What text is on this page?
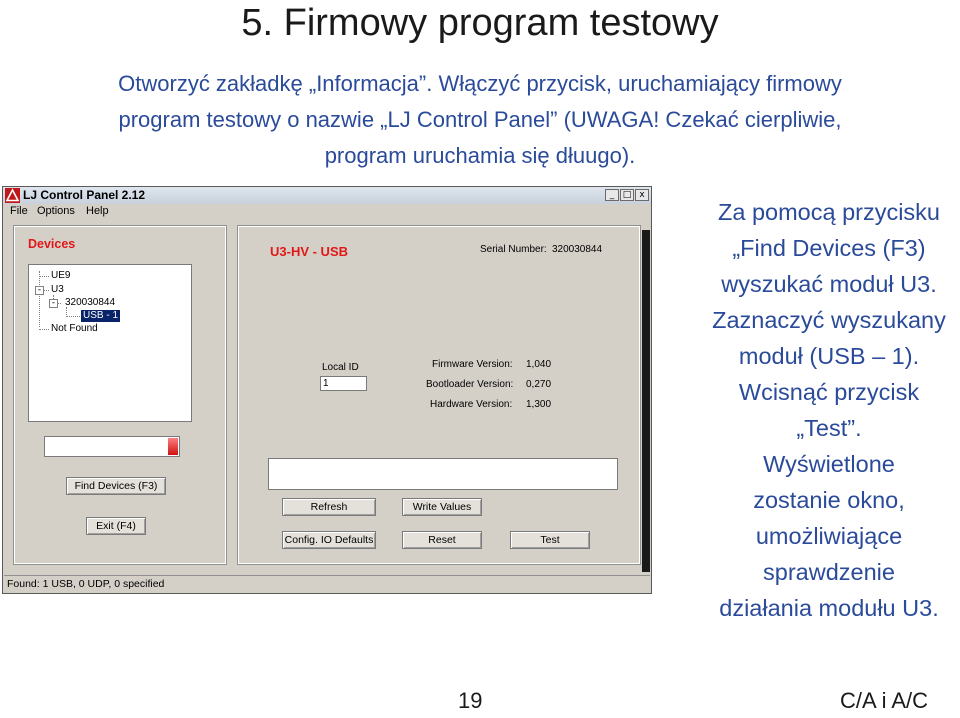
5. Firmowy program testowy
Otworzyć zakładkę „Informacja”. Włączyć przycisk, uruchamiający firmowy
program testowy o nazwie „LJ Control Panel” (UWAGA! Czekać cierpliwie,
program uruchamia się dłuugo).
LJ Control Panel 2.12	_ □ x
File Options Help
Found: 1 USB, 0 UDP, 0 specified
Devices
-
-
UE9
U3
320030844
USB - 1
Not Found
Find Devices (F3)
Exit (F4)
U3-HV - USB	Serial Number: 320030844
Local ID
1
Firmware Version: 1,040
Bootloader Version: 0,270
Hardware Version: 1,300
Refresh	Write Values
Config. IO Defaults	Reset	Test
Za pomocą przycisku
„Find Devices (F3)
wyszukać moduł U3.
Zaznaczyć wyszukany
moduł (USB – 1).
Wcisnąć przycisk
„Test”.
Wyświetlone
zostanie okno,
umożliwiające
sprawdzenie
działania modułu U3.
19	C/A i A/C
